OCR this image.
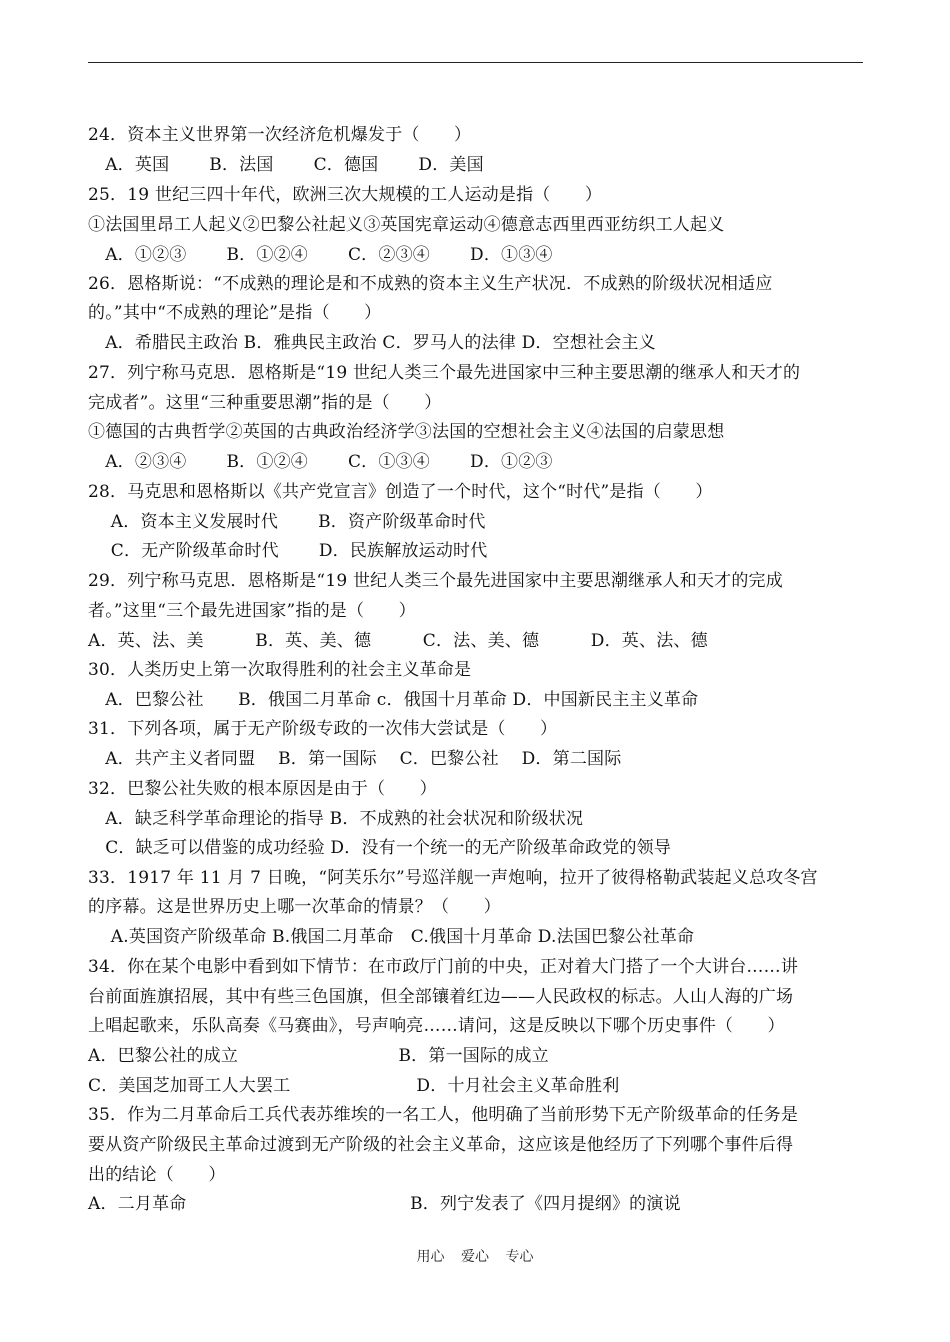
24．资本主义世界第一次经济危机爆发于（　　）
　A．英国　　 B．法国　　 C．德国　　 D．美国
25．19 世纪三四十年代，欧洲三次大规模的工人运动是指（　　）
①法国里昂工人起义②巴黎公社起义③英国宪章运动④德意志西里西亚纺织工人起义
　A．①②③　　 B．①②④　　 C．②③④　　 D．①③④
26．恩格斯说：“不成熟的理论是和不成熟的资本主义生产状况．不成熟的阶级状况相适应
的。”其中“不成熟的理论”是指（　　）
　A．希腊民主政治 B．雅典民主政治 C．罗马人的法律 D．空想社会主义
27．列宁称马克思．恩格斯是“19 世纪人类三个最先进国家中三种主要思潮的继承人和天才的
完成者”。这里“三种重要思潮”指的是（　　）
①德国的古典哲学②英国的古典政治经济学③法国的空想社会主义④法国的启蒙思想
　A．②③④　　 B．①②④　　 C．①③④　　 D．①②③
28．马克思和恩格斯以《共产党宣言》创造了一个时代，这个“时代”是指（　　）
　 A．资本主义发展时代　　 B．资产阶级革命时代
　 C．无产阶级革命时代　　 D．民族解放运动时代
29．列宁称马克思．恩格斯是“19 世纪人类三个最先进国家中主要思潮继承人和天才的完成
者。”这里“三个最先进国家”指的是（　　）
A．英、法、美　　　B．英、美、德　　　C．法、美、德　　　D．英、法、德
30．人类历史上第一次取得胜利的社会主义革命是
　A．巴黎公社　　B．俄国二月革命 c．俄国十月革命 D．中国新民主主义革命
31．下列各项，属于无产阶级专政的一次伟大尝试是（　　）
　A．共产主义者同盟　 B．第一国际　 C．巴黎公社　 D．第二国际
32．巴黎公社失败的根本原因是由于（　　）
　A．缺乏科学革命理论的指导 B．不成熟的社会状况和阶级状况
　C．缺乏可以借鉴的成功经验 D．没有一个统一的无产阶级革命政党的领导
33．1917 年 11 月 7 日晚，“阿芙乐尔”号巡洋舰一声炮响，拉开了彼得格勒武装起义总攻冬宫
的序幕。这是世界历史上哪一次革命的情景？（　　）
　 A.英国资产阶级革命 B.俄国二月革命　C.俄国十月革命 D.法国巴黎公社革命
34．你在某个电影中看到如下情节：在市政厅门前的中央，正对着大门搭了一个大讲台……讲
台前面旌旗招展，其中有些三色国旗，但全部镶着红边——人民政权的标志。人山人海的广场
上唱起歌来，乐队高奏《马赛曲》，号声响亮……请问，这是反映以下哪个历史事件（　　）
A．巴黎公社的成立　　　　　　　　　 B．第一国际的成立
C．美国芝加哥工人大罢工　　　　　　　 D．十月社会主义革命胜利
35．作为二月革命后工兵代表苏维埃的一名工人，他明确了当前形势下无产阶级革命的任务是
要从资产阶级民主革命过渡到无产阶级的社会主义革命，这应该是他经历了下列哪个事件后得
出的结论（　　）
A．二月革命　　　　　　　　　　　　　B．列宁发表了《四月提纲》的演说
用心 爱心 专心
